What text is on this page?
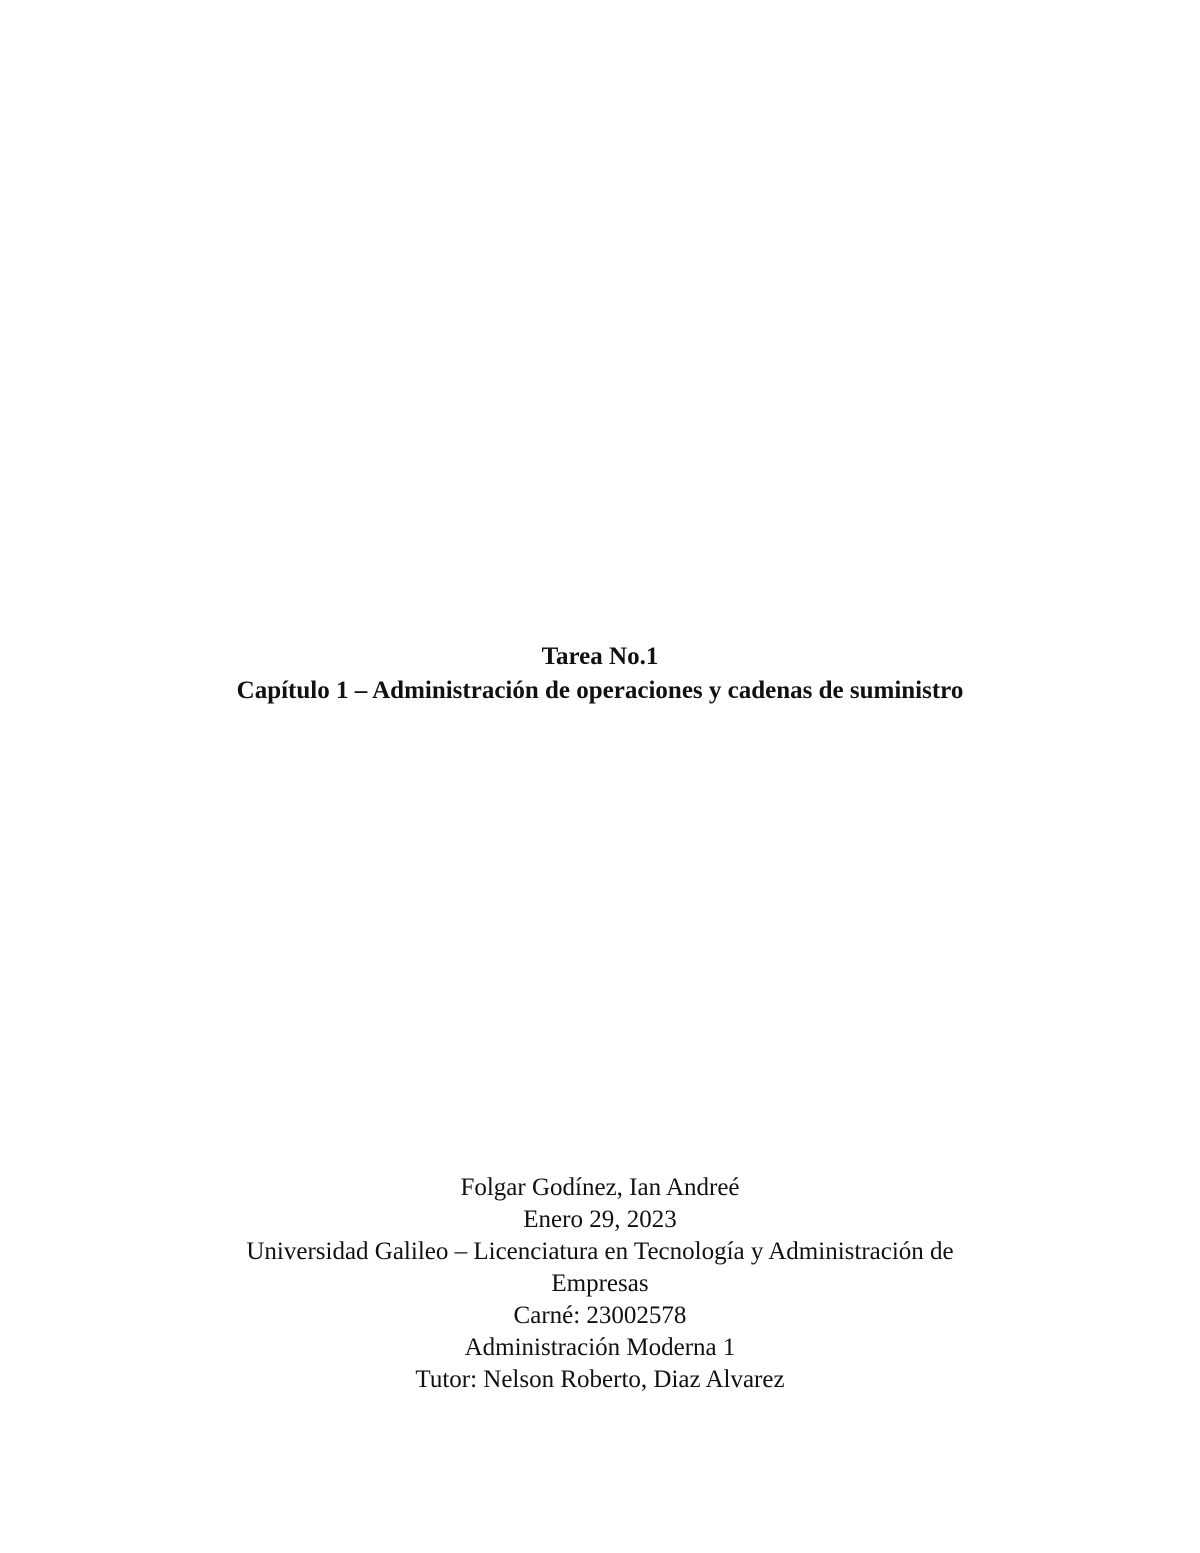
Tarea No.1

Capítulo 1 – Administración de operaciones y cadenas de suministro

Folgar Godínez, Ian Andreé

Enero 29, 2023

Universidad Galileo – Licenciatura en Tecnología y Administración de

Empresas

Carné: 23002578

Administración Moderna 1

Tutor: Nelson Roberto, Diaz Alvarez
